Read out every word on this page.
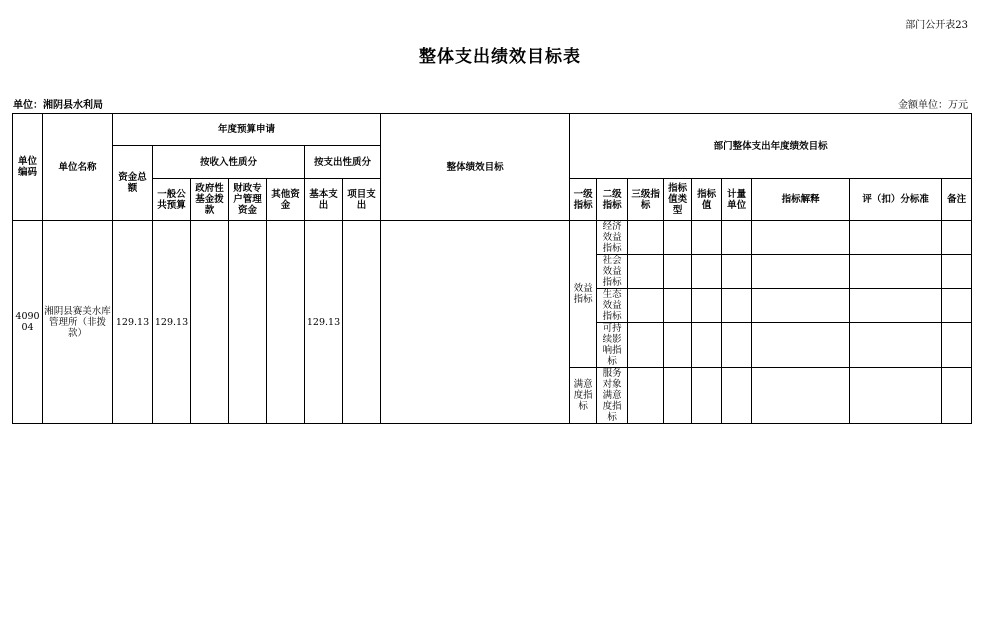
部门公开表23
整体支出绩效目标表
单位：湘阴县水利局	金额单位：万元
单位编码	单位名称	年度预算申请							整体绩效目标	部门整体支出年度绩效目标								
		资金总额	按收入性质分				按支出性质分											
			一般公共预算	政府性基金拨款	财政专户管理资金	其他资金	基本支出	项目支出		一级指标	二级指标	三级指标	指标值类型	指标值	计量单位	指标解释	评（扣）分标准	备注
409004	湘阴县赛美水库管理所（非拨款）	129.13	129.13				129.13			效益指标	经济效益指标							
											社会效益指标							
											生态效益指标							
											可持续影响指标							
										满意度指标	服务对象满意度指标							
